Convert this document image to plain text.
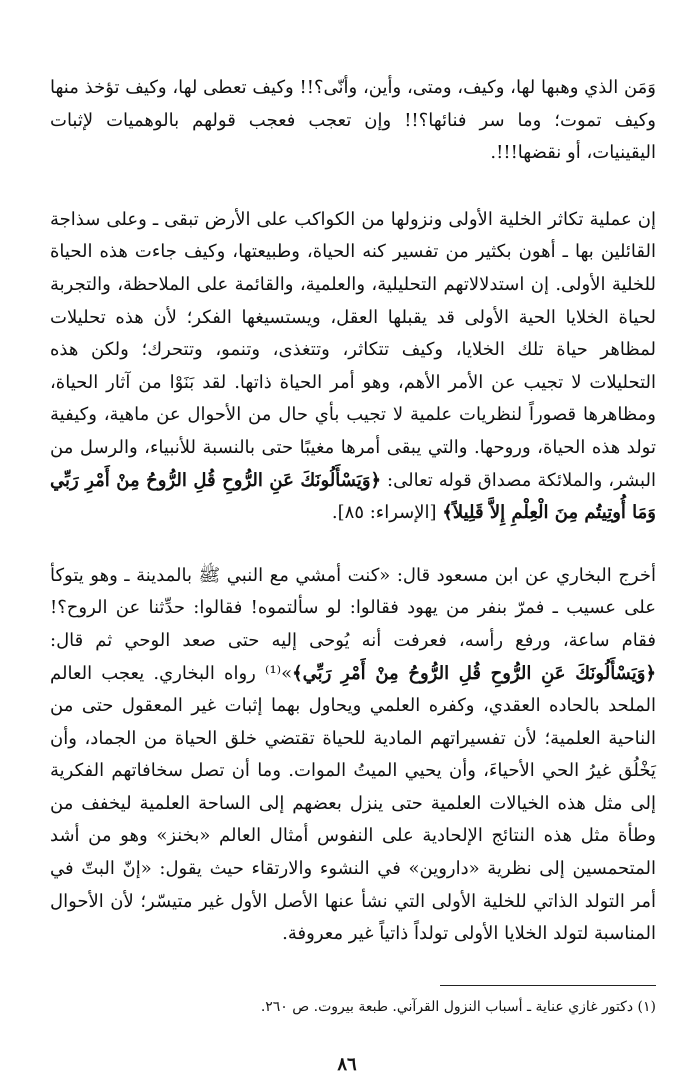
وَمَن الذي وهبها لها، وكيف، ومتى، وأين، وأنّى؟!! وكيف تعطى لها، وكيف تؤخذ منها وكيف تموت؛ وما سر فنائها؟!! وإن تعجب فعجب قولهم بالوهميات لإثبات اليقينيات، أو نقضها!!!.

إن عملية تكاثر الخلية الأولى ونزولها من الكواكب على الأرض تبقى ـ وعلى سذاجة القائلين بها ـ أهون بكثير من تفسير كنه الحياة، وطبيعتها، وكيف جاءت هذه الحياة للخلية الأولى. إن استدلالاتهم التحليلية، والعلمية، والقائمة على الملاحظة، والتجربة لحياة الخلايا الحية الأولى قد يقبلها العقل، ويستسيغها الفكر؛ لأن هذه تحليلات لمظاهر حياة تلك الخلايا، وكيف تتكاثر، وتتغذى، وتنمو، وتتحرك؛ ولكن هذه التحليلات لا تجيب عن الأمر الأهم، وهو أمر الحياة ذاتها. لقد بَنَوْا من آثار الحياة، ومظاهرها قصوراً لنظريات علمية لا تجيب بأي حال من الأحوال عن ماهية، وكيفية تولد هذه الحياة، وروحها. والتي يبقى أمرها مغيبًا حتى بالنسبة للأنبياء، والرسل من البشر، والملائكة مصداق قوله تعالى: ﴿وَيَسْأَلُونَكَ عَنِ الرُّوحِ قُلِ الرُّوحُ مِنْ أَمْرِ رَبِّي وَمَا أُوتِيتُم مِنَ الْعِلْمِ إِلاَّ قَلِيلاً﴾ [الإسراء: ٨٥].

أخرج البخاري عن ابن مسعود قال: «كنت أمشي مع النبي ﷺ بالمدينة ـ وهو يتوكأ على عسيب ـ فمرّ بنفر من يهود فقالوا: لو سألتموه! فقالوا: حدِّثنا عن الروح؟! فقام ساعة، ورفع رأسه، فعرفت أنه يُوحى إليه حتى صعد الوحي ثم قال: ﴿وَيَسْأَلُونَكَ عَنِ الرُّوحِ قُلِ الرُّوحُ مِنْ أَمْرِ رَبِّي﴾»⁽¹⁾ رواه البخاري. يعجب العالم الملحد بالحاده العقدي، وكفره العلمي ويحاول بهما إثبات غير المعقول حتى من الناحية العلمية؛ لأن تفسيراتهم المادية للحياة تقتضي خلق الحياة من الجماد، وأن يَخْلُق غيرُ الحي الأحياءَ، وأن يحيي الميتُ الموات. وما أن تصل سخافاتهم الفكرية إلى مثل هذه الخيالات العلمية حتى ينزل بعضهم إلى الساحة العلمية ليخفف من وطأة مثل هذه النتائج الإلحادية على النفوس أمثال العالم «بخنز» وهو من أشد المتحمسين إلى نظرية «داروين» في النشوء والارتقاء حيث يقول: «إنّ البتّ في أمر التولد الذاتي للخلية الأولى التي نشأ عنها الأصل الأول غير متيسّر؛ لأن الأحوال المناسبة لتولد الخلايا الأولى تولداً ذاتياً غير معروفة.

(١) دكتور غازي عناية ـ أسباب النزول القرآني. طبعة بيروت. ص ٢٦٠.
٨٦
